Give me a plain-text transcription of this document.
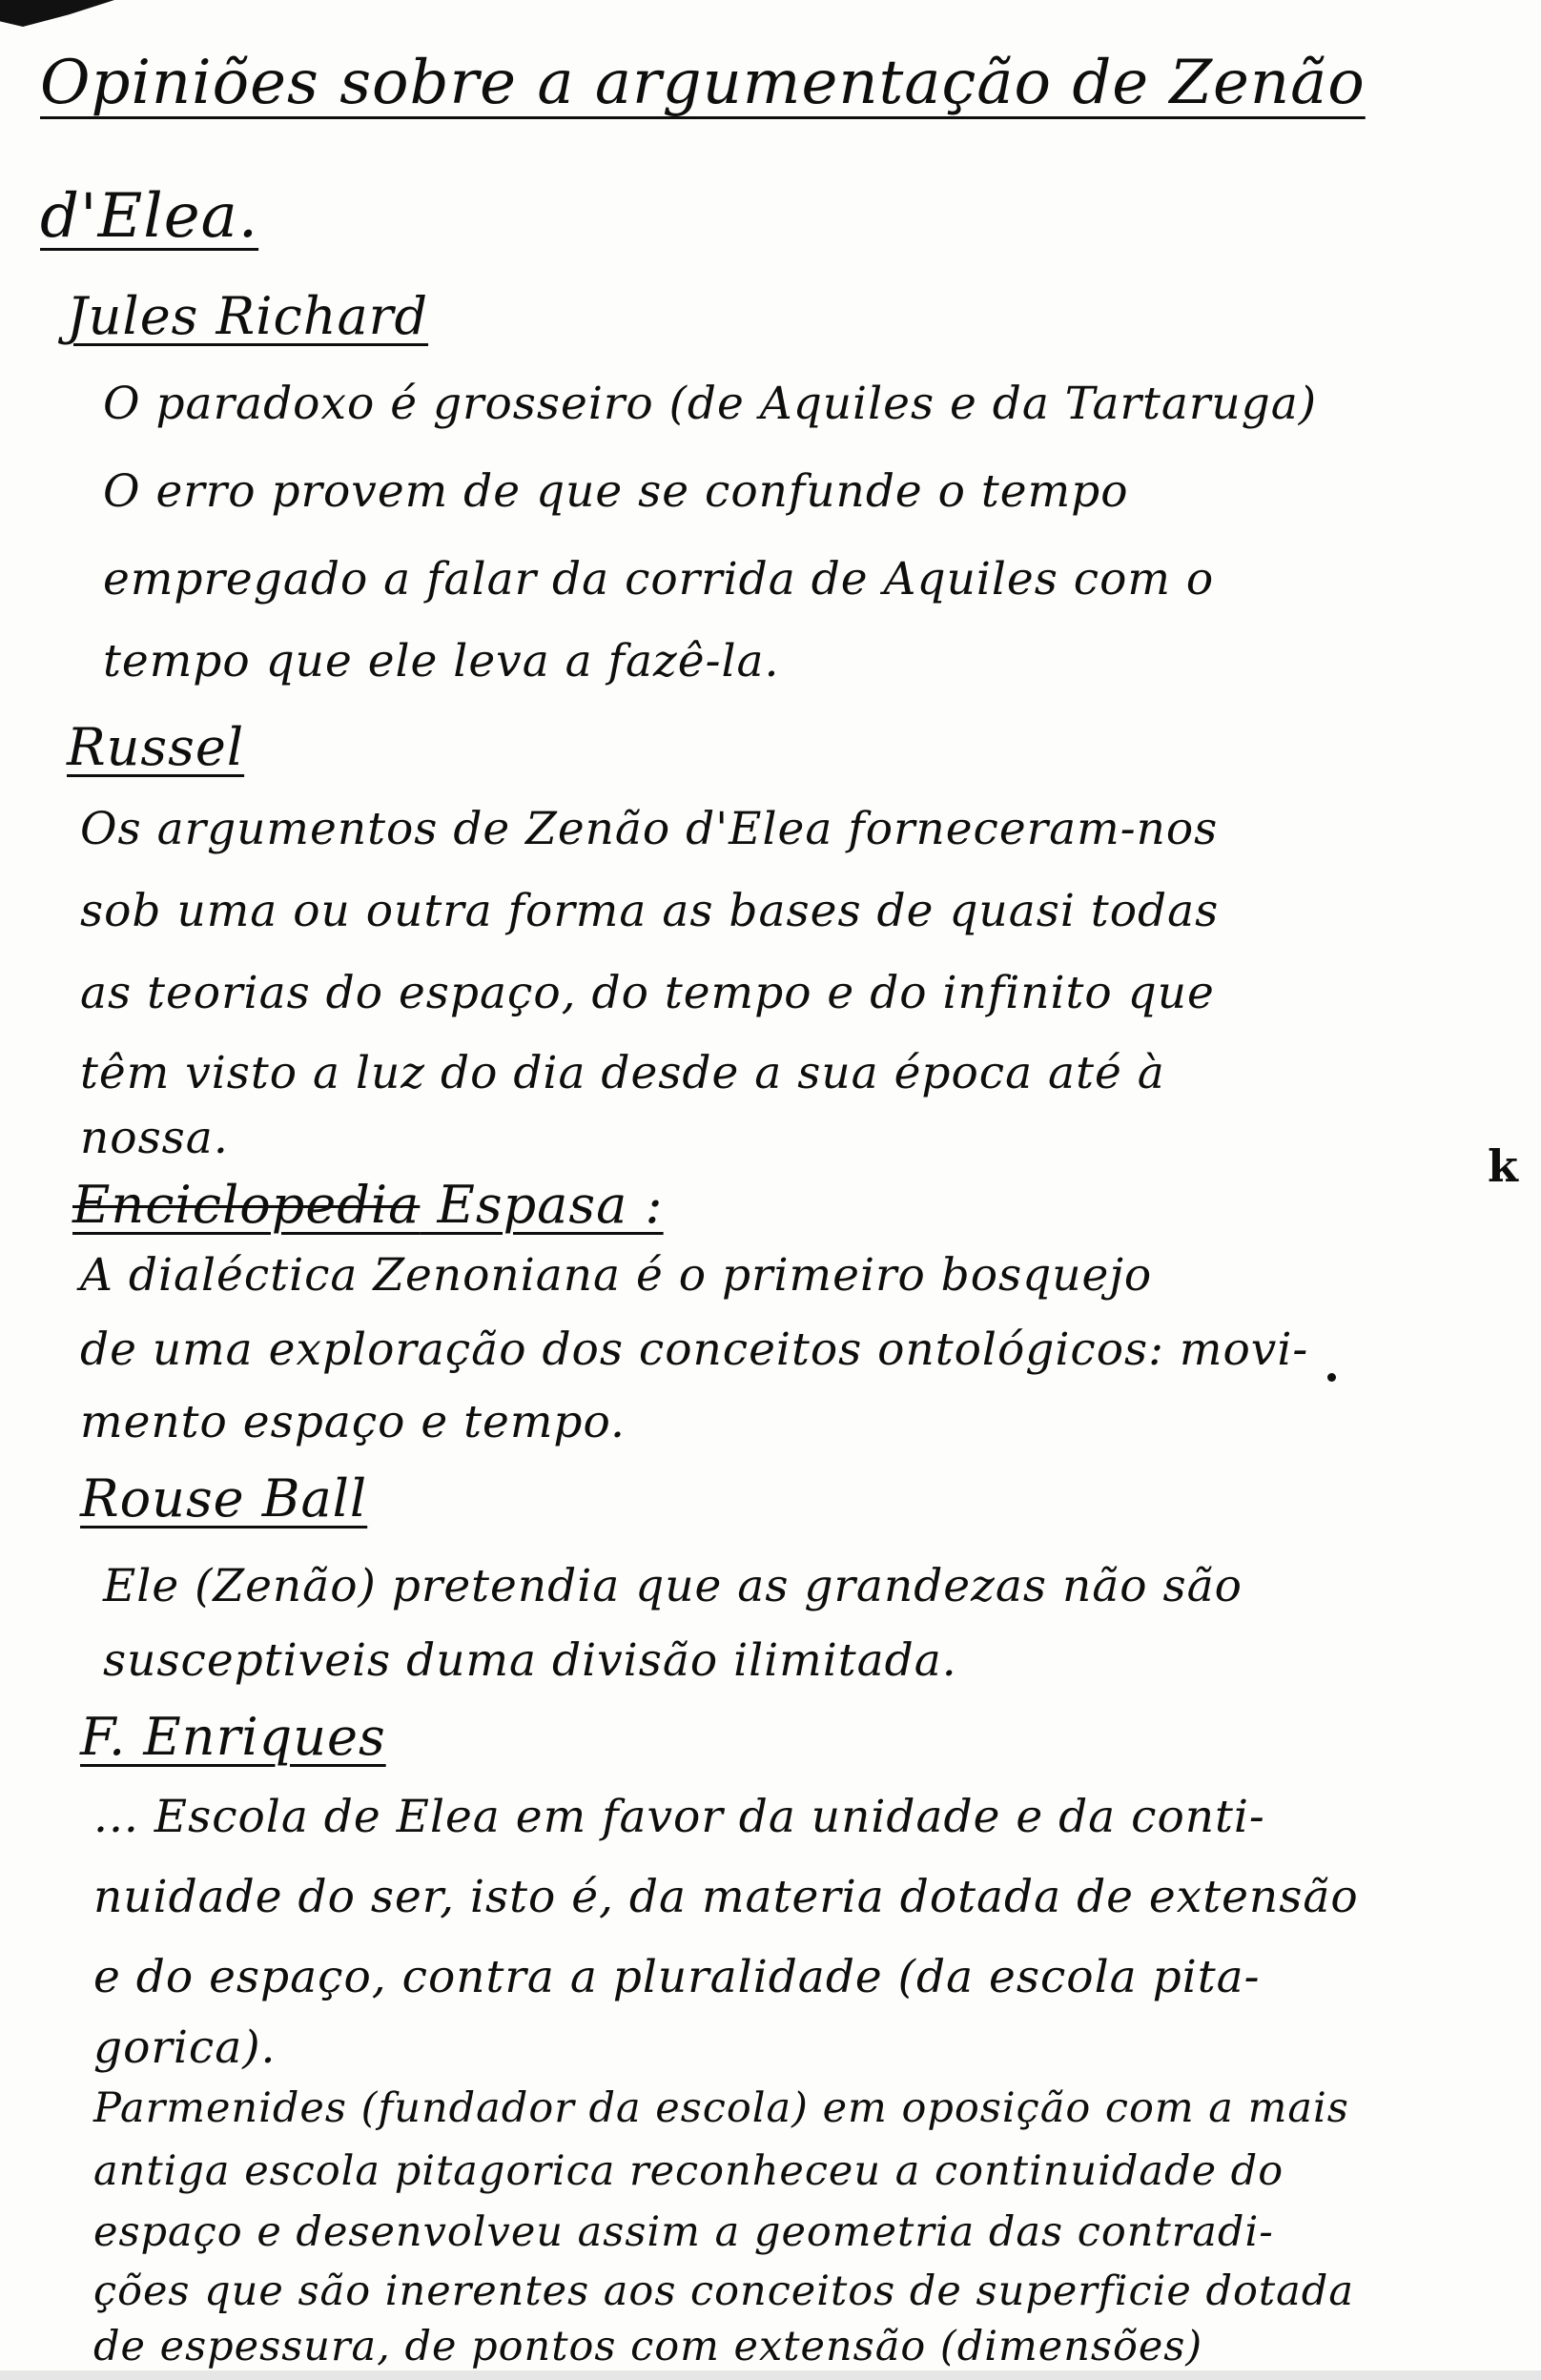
Opiniões sobre a argumentação de Zenão
d'Elea.
Jules Richard
O paradoxo é grosseiro (de Aquiles e da Tartaruga)
O erro provem de que se confunde o tempo
empregado a falar da corrida de Aquiles com o
tempo que ele leva a fazê-la.
Russel
Os argumentos de Zenão d'Elea forneceram-nos
sob uma ou outra forma as bases de quasi todas
as teorias do espaço, do tempo e do infinito que
têm visto a luz do dia desde a sua época até à
nossa.
Enciclopedia Espasa :
A dialéctica Zenoniana é o primeiro bosquejo
de uma exploração dos conceitos ontológicos: movi-
mento espaço e tempo.
Rouse Ball
Ele (Zenão) pretendia que as grandezas não são
susceptiveis duma divisão ilimitada.
F. Enriques
... Escola de Elea em favor da unidade e da conti-
nuidade do ser, isto é, da materia dotada de extensão
e do espaço, contra a pluralidade (da escola pita-
gorica).
Parmenides (fundador da escola) em oposição com a mais
antiga escola pitagorica reconheceu a continuidade do
espaço e desenvolveu assim a geometria das contradi-
ções que são inerentes aos conceitos de superficie dotada
de espessura, de pontos com extensão (dimensões)
k
